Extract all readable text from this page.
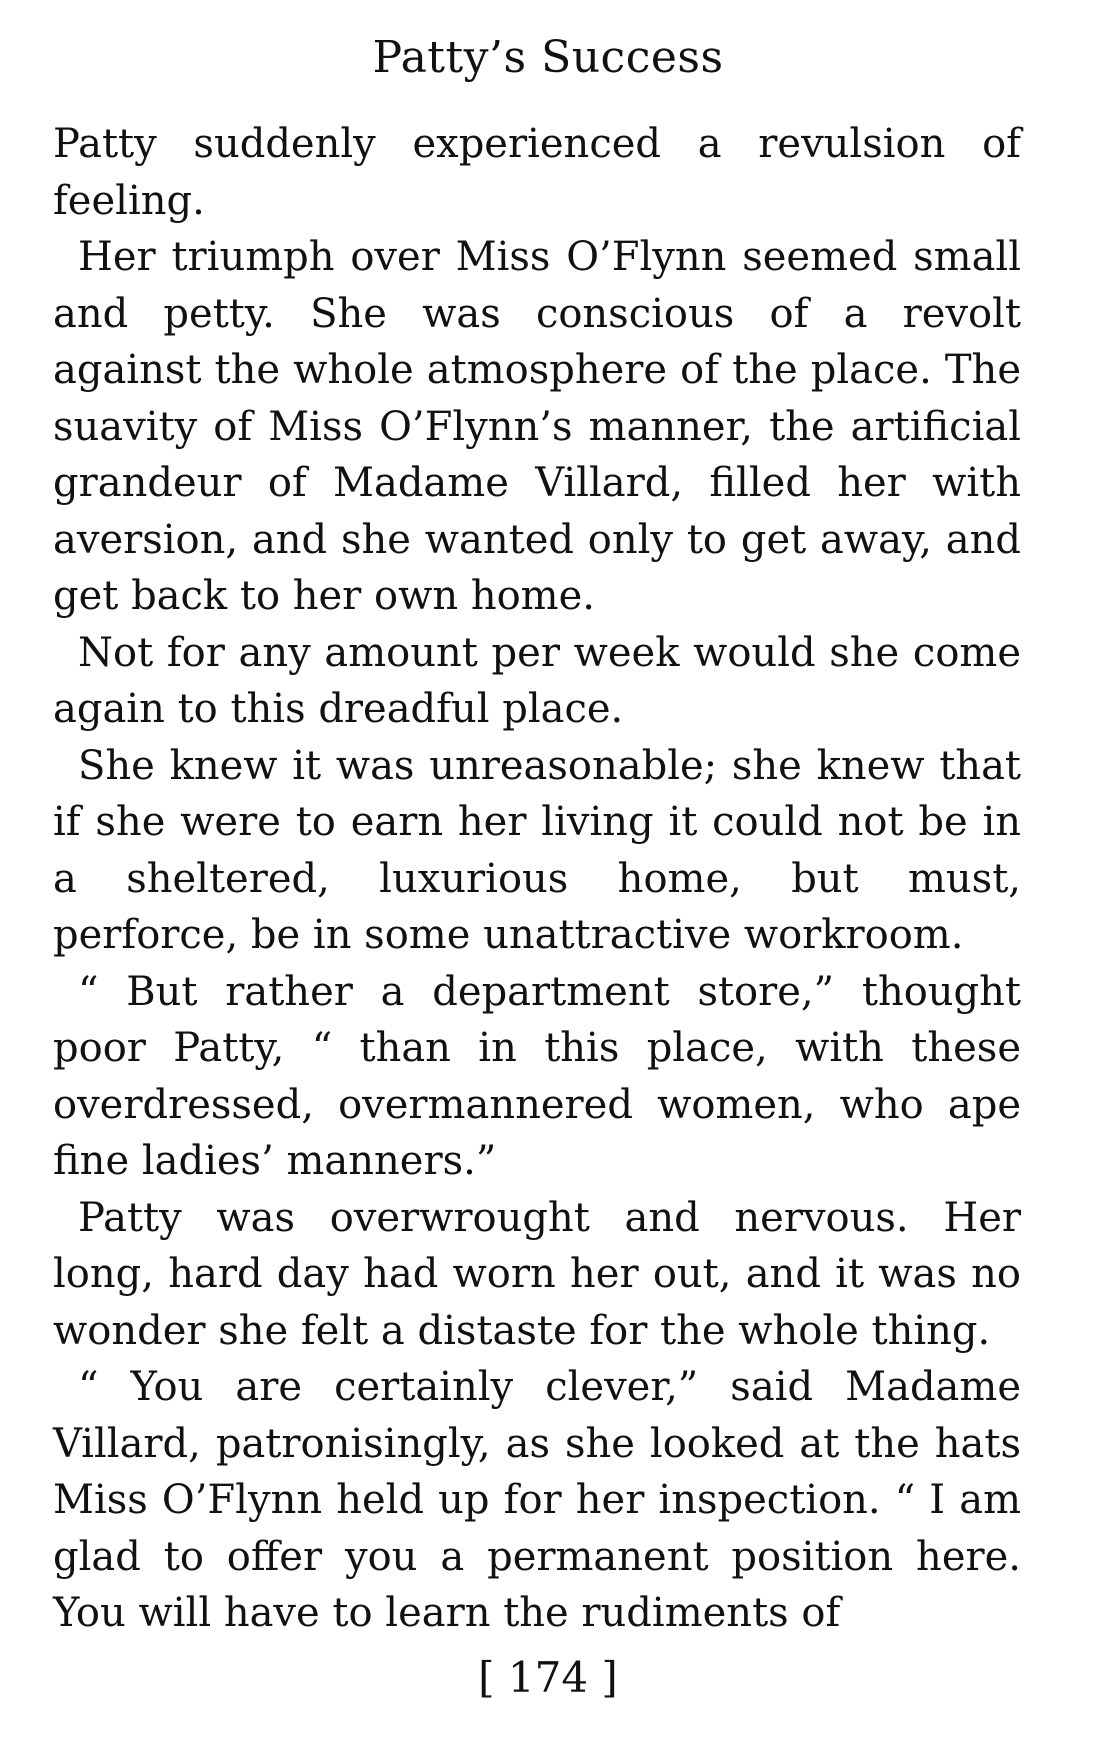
Patty’s Success

Patty suddenly experienced a revulsion of feeling.

Her triumph over Miss O’Flynn seemed small and petty. She was conscious of a revolt against the whole atmosphere of the place. The suavity of Miss O’Flynn’s manner, the artificial grandeur of Madame Villard, filled her with aversion, and she wanted only to get away, and get back to her own home.

Not for any amount per week would she come again to this dreadful place.

She knew it was unreasonable; she knew that if she were to earn her living it could not be in a sheltered, luxurious home, but must, perforce, be in some unattractive workroom.

“ But rather a department store,” thought poor Patty, “ than in this place, with these overdressed, overmannered women, who ape fine ladies’ manners.”

Patty was overwrought and nervous. Her long, hard day had worn her out, and it was no wonder she felt a distaste for the whole thing.

“ You are certainly clever,” said Madame Villard, patronisingly, as she looked at the hats Miss O’Flynn held up for her inspection. “ I am glad to offer you a permanent position here. You will have to learn the rudiments of

[ 174 ]
